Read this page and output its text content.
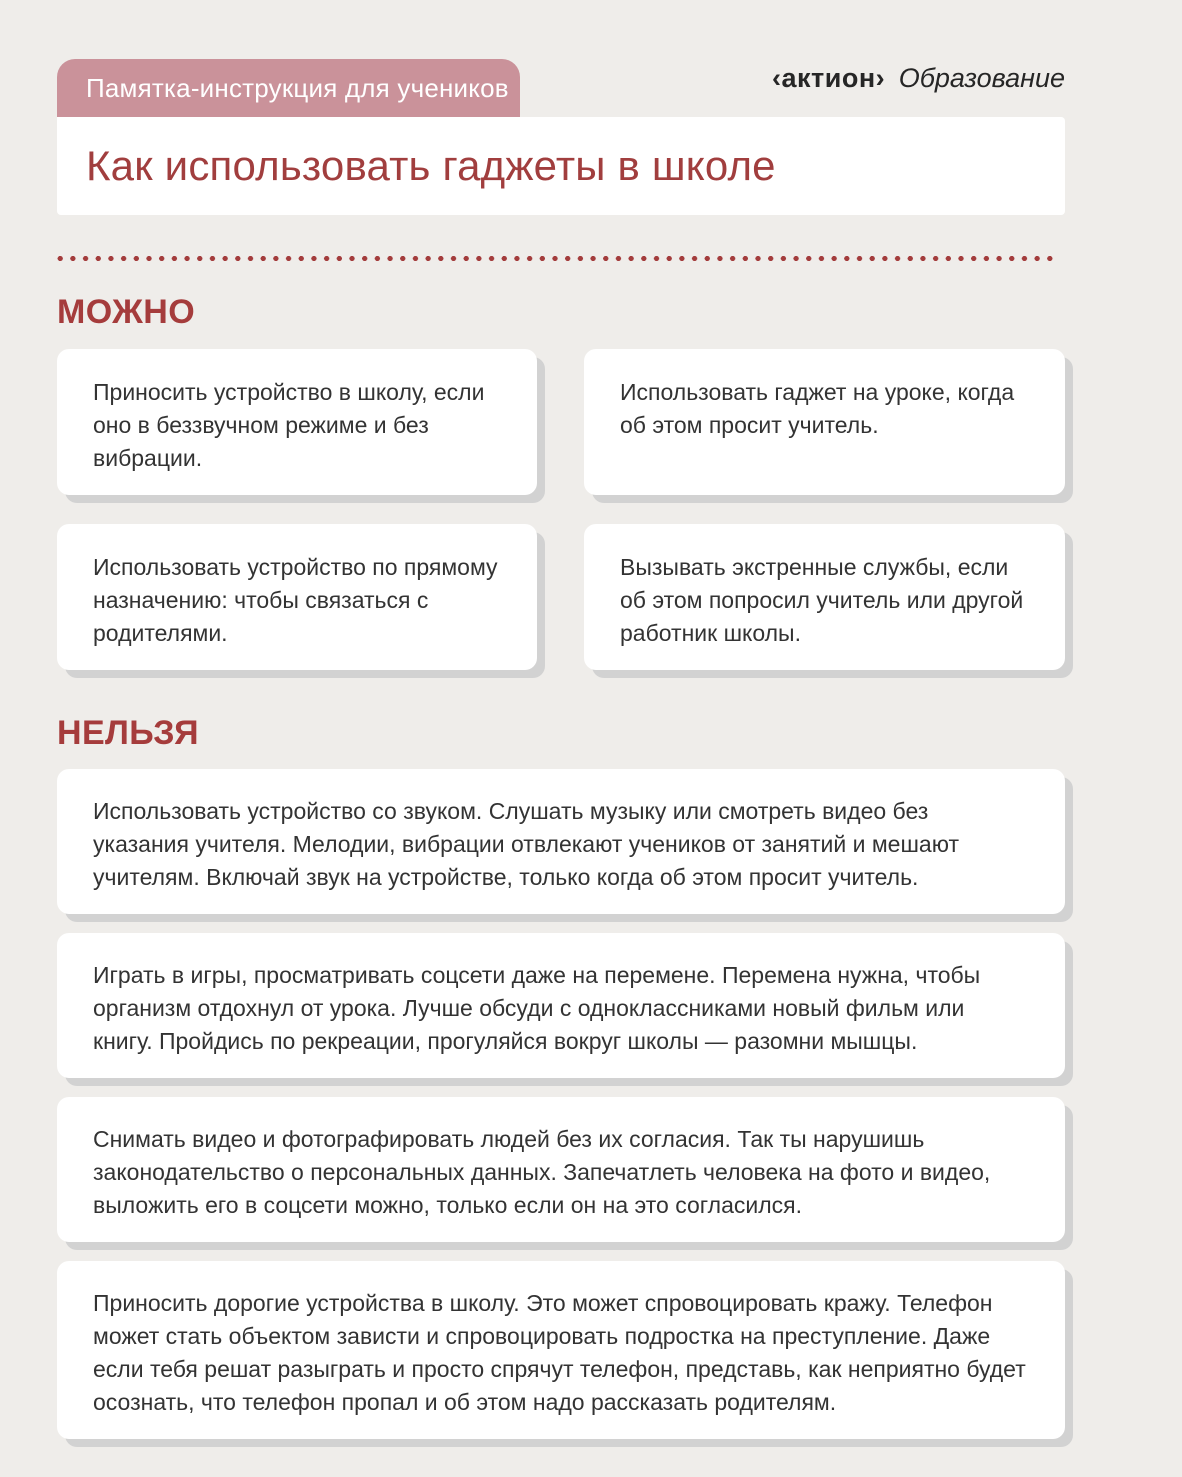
Памятка-инструкция для учеников	‹актион› Образование
Как использовать гаджеты в школе
МОЖНО
Приносить устройство в школу, если оно в беззвучном режиме и без вибрации.
Использовать гаджет на уроке, когда об этом просит учитель.
Использовать устройство по прямому назначению: чтобы связаться с родителями.
Вызывать экстренные службы, если об этом попросил учитель или другой работник школы.
НЕЛЬЗЯ
Использовать устройство со звуком. Слушать музыку или смотреть видео без указания учителя. Мелодии, вибрации отвлекают учеников от занятий и мешают учителям. Включай звук на устройстве, только когда об этом просит учитель.
Играть в игры, просматривать соцсети даже на перемене. Перемена нужна, чтобы организм отдохнул от урока. Лучше обсуди с одноклассниками новый фильм или книгу. Пройдись по рекреации, прогуляйся вокруг школы — разомни мышцы.
Снимать видео и фотографировать людей без их согласия. Так ты нарушишь законодательство о персональных данных. Запечатлеть человека на фото и видео, выложить его в соцсети можно, только если он на это согласился.
Приносить дорогие устройства в школу. Это может спровоцировать кражу. Телефон может стать объектом зависти и спровоцировать подростка на преступление. Даже если тебя решат разыграть и просто спрячут телефон, представь, как неприятно будет осознать, что телефон пропал и об этом надо рассказать родителям.
